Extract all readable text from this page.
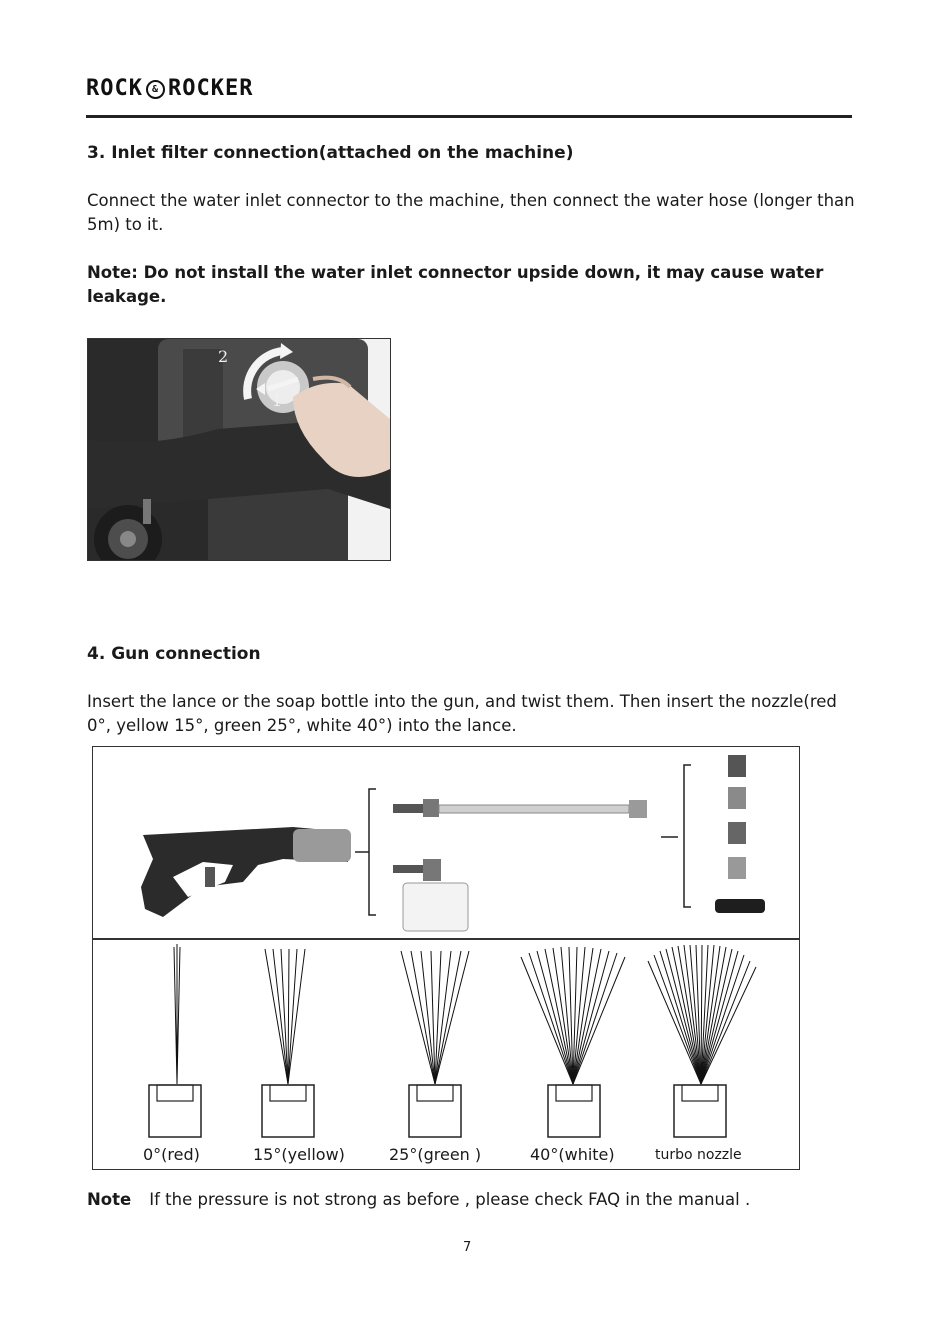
ROCK & ROCKER
3. Inlet filter connection(attached on the machine)
Connect the water inlet connector to the machine, then connect the water hose (longer than 5m) to it.
Note: Do not install the water inlet connector upside down, it may cause water leakage.
2
1
4. Gun connection
Insert the lance or the soap bottle into the gun, and twist them. Then insert the nozzle(red 0°, yellow 15°, green 25°, white 40°) into the lance.
0°(red)	15°(yellow)	25°(green )	40°(white)	turbo nozzle
Note If the pressure is not strong as before , please check FAQ in the manual .
7
